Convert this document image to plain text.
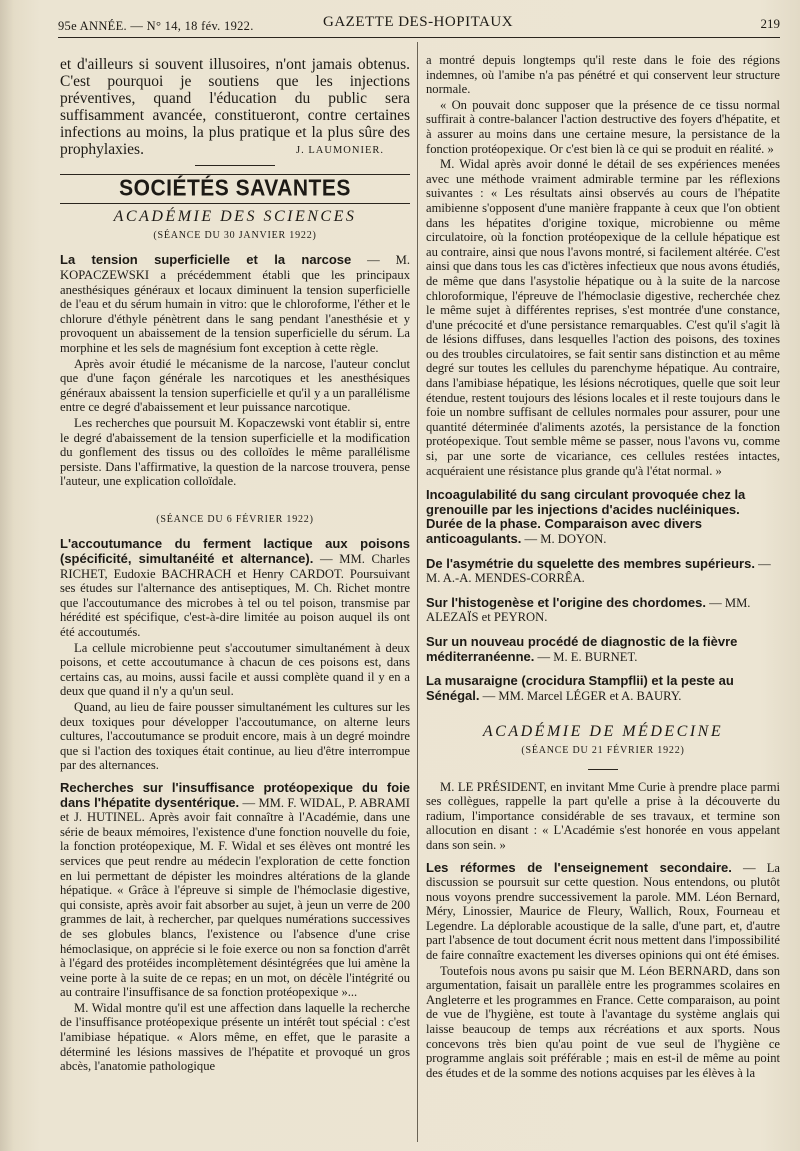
95e ANNÉE. — N° 14, 18 fév. 1922.	GAZETTE DES-HOPITAUX	219

et d'ailleurs si souvent illusoires, n'ont jamais obtenus. C'est pourquoi je soutiens que les injections préventives, quand l'éducation du public sera suffisamment avancée, constitueront, contre certaines infections au moins, la plus pratique et la plus sûre des prophylaxies.	J. LAUMONIER.
SOCIÉTÉS SAVANTES
ACADÉMIE DES SCIENCES
(SÉANCE DU 30 JANVIER 1922)

La tension superficielle et la narcose — M. KOPACZEWSKI a précédemment établi que les principaux anesthésiques généraux et locaux diminuent la tension superficielle de l'eau et du sérum humain in vitro: que le chloroforme, l'éther et le chlorure d'éthyle pénètrent dans le sang pendant l'anesthésie et y provoquent un abaissement de la tension superficielle du sérum. La morphine et les sels de magnésium font exception à cette règle.

Après avoir étudié le mécanisme de la narcose, l'auteur conclut que d'une façon générale les narcotiques et les anesthésiques généraux abaissent la tension superficielle et qu'il y a un parallélisme entre ce degré d'abaissement et leur puissance narcotique.

Les recherches que poursuit M. Kopaczewski vont établir si, entre le degré d'abaissement de la tension superficielle et la modification du gonflement des tissus ou des colloïdes le même parallélisme persiste. Dans l'affirmative, la question de la narcose trouvera, pense l'auteur, une explication colloïdale.

(SÉANCE DU 6 FÉVRIER 1922)

L'accoutumance du ferment lactique aux poisons (spécificité, simultanéité et alternance). — MM. Charles RICHET, Eudoxie BACHRACH et Henry CARDOT. Poursuivant ses études sur l'alternance des antiseptiques, M. Ch. Richet montre que l'accoutumance des microbes à tel ou tel poison, transmise par hérédité est spécifique, c'est-à-dire limitée au poison auquel ils ont été accoutumés.

La cellule microbienne peut s'accoutumer simultanément à deux poisons, et cette accoutumance à chacun de ces poisons est, dans certains cas, au moins, aussi facile et aussi complète quand il y en a deux que quand il n'y a qu'un seul.

Quand, au lieu de faire pousser simultanément les cultures sur les deux toxiques pour développer l'accoutumance, on alterne leurs cultures, l'accoutumance se produit encore, mais à un degré moindre que si l'action des toxiques était continue, au lieu d'être interrompue par des alternances.

Recherches sur l'insuffisance protéopexique du foie dans l'hépatite dysentérique. — MM. F. WIDAL, P. ABRAMI et J. HUTINEL. Après avoir fait connaître à l'Académie, dans une série de beaux mémoires, l'existence d'une fonction nouvelle du foie, la fonction protéopexique, M. F. Widal et ses élèves ont montré les services que peut rendre au médecin l'exploration de cette fonction en lui permettant de dépister les moindres altérations de la glande hépatique. « Grâce à l'épreuve si simple de l'hémoclasie digestive, qui consiste, après avoir fait absorber au sujet, à jeun un verre de 200 grammes de lait, à rechercher, par quelques numérations successives de ses globules blancs, l'existence ou l'absence d'une crise hémoclasique, on apprécie si le foie exerce ou non sa fonction d'arrêt à l'égard des protéides incomplètement désintégrées que lui amène la veine porte à la suite de ce repas; en un mot, on décèle l'intégrité ou au contraire l'insuffisance de sa fonction protéopexique »...

M. Widal montre qu'il est une affection dans laquelle la recherche de l'insuffisance protéopexique présente un intérêt tout spécial : c'est l'amibiase hépatique. « Alors même, en effet, que le parasite a déterminé les lésions massives de l'hépatite et provoqué un gros abcès, l'anatomie pathologique

a montré depuis longtemps qu'il reste dans le foie des régions indemnes, où l'amibe n'a pas pénétré et qui conservent leur structure normale.

« On pouvait donc supposer que la présence de ce tissu normal suffirait à contre-balancer l'action destructive des foyers d'hépatite, et à assurer au moins dans une certaine mesure, la persistance de la fonction protéopexique. Or c'est bien là ce qui se produit en réalité. »

M. Widal après avoir donné le détail de ses expériences menées avec une méthode vraiment admirable termine par les réflexions suivantes : « Les résultats ainsi observés au cours de l'hépatite amibienne s'opposent d'une manière frappante à ceux que l'on obtient dans les hépatites d'origine toxique, microbienne ou même circulatoire, où la fonction protéopexique de la cellule hépatique est au contraire, ainsi que nous l'avons montré, si facilement altérée. C'est ainsi que dans tous les cas d'ictères infectieux que nous avons étudiés, de même que dans l'asystolie hépatique ou à la suite de la narcose chloroformique, l'épreuve de l'hémoclasie digestive, recherchée chez le même sujet à différentes reprises, s'est montrée d'une constance, d'une précocité et d'une persistance remarquables. C'est qu'il s'agit là de lésions diffuses, dans lesquelles l'action des poisons, des toxines ou des troubles circulatoires, se fait sentir sans distinction et au même degré sur toutes les cellules du parenchyme hépatique. Au contraire, dans l'amibiase hépatique, les lésions nécrotiques, quelle que soit leur étendue, restent toujours des lésions locales et il reste toujours dans le foie un nombre suffisant de cellules normales pour assurer, pour une quantité déterminée d'aliments azotés, la persistance de la fonction protéopexique. Tout semble même se passer, nous l'avons vu, comme si, par une sorte de vicariance, ces cellules restées intactes, acquéraient une résistance plus grande qu'à l'état normal. »

Incoagulabilité du sang circulant provoquée chez la grenouille par les injections d'acides nucléiniques. Durée de la phase. Comparaison avec divers anticoagulants. — M. DOYON.
De l'asymétrie du squelette des membres supérieurs. — M. A.-A. MENDES-CORRÊA.
Sur l'histogenèse et l'origine des chordomes. — MM. ALEZAÏS et PEYRON.
Sur un nouveau procédé de diagnostic de la fièvre méditerranéenne. — M. E. BURNET.
La musaraigne (crocidura Stampflii) et la peste au Sénégal. — MM. Marcel LÉGER et A. BAURY.
ACADÉMIE DE MÉDECINE
(SÉANCE DU 21 FÉVRIER 1922)

M. LE PRÉSIDENT, en invitant Mme Curie à prendre place parmi ses collègues, rappelle la part qu'elle a prise à la découverte du radium, l'importance considérable de ses travaux, et termine son allocution en disant : « L'Académie s'est honorée en vous appelant dans son sein. »

Les réformes de l'enseignement secondaire. — La discussion se poursuit sur cette question. Nous entendons, ou plutôt nous voyons prendre successivement la parole. MM. Léon Bernard, Méry, Linossier, Maurice de Fleury, Wallich, Roux, Fourneau et Legendre. La déplorable acoustique de la salle, d'une part, et, d'autre part l'absence de tout document écrit nous mettent dans l'impossibilité de faire connaître exactement les diverses opinions qui ont été émises.

Toutefois nous avons pu saisir que M. Léon BERNARD, dans son argumentation, faisait un parallèle entre les programmes scolaires en Angleterre et les programmes en France. Cette comparaison, au point de vue de l'hygiène, est toute à l'avantage du système anglais qui laisse beaucoup de temps aux récréations et aux sports. Nous concevons très bien qu'au point de vue seul de l'hygiène ce programme anglais soit préférable ; mais en est-il de même au point des études et de la somme des notions acquises par les élèves à la
